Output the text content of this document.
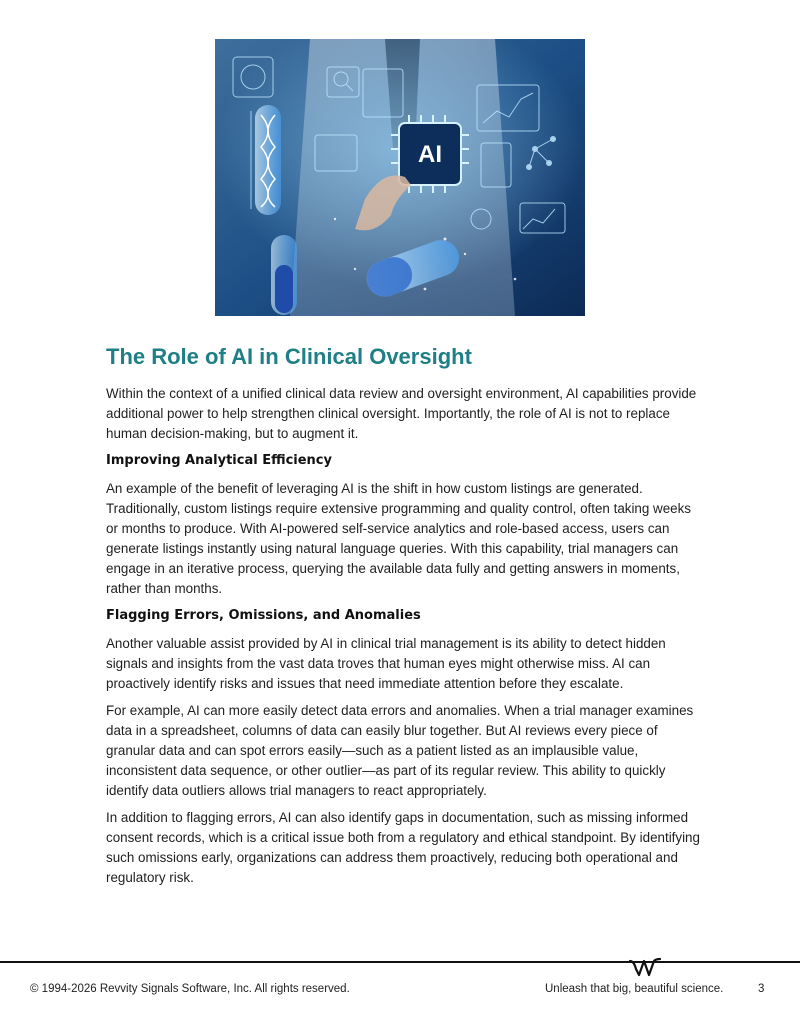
AI
The Role of AI in Clinical Oversight

Within the context of a unified clinical data review and oversight environment, AI capabilities provide additional power to help strengthen clinical oversight. Importantly, the role of AI is not to replace human decision-making, but to augment it.

Improving Analytical Efficiency

An example of the benefit of leveraging AI is the shift in how custom listings are generated. Traditionally, custom listings require extensive programming and quality control, often taking weeks or months to produce. With AI-powered self-service analytics and role-based access, users can generate listings instantly using natural language queries. With this capability, trial managers can engage in an iterative process, querying the available data fully and getting answers in moments, rather than months.

Flagging Errors, Omissions, and Anomalies

Another valuable assist provided by AI in clinical trial management is its ability to detect hidden signals and insights from the vast data troves that human eyes might otherwise miss. AI can proactively identify risks and issues that need immediate attention before they escalate.

For example, AI can more easily detect data errors and anomalies. When a trial manager examines data in a spreadsheet, columns of data can easily blur together. But AI reviews every piece of granular data and can spot errors easily—such as a patient listed as an implausible value, inconsistent data sequence, or other outlier—as part of its regular review. This ability to quickly identify data outliers allows trial managers to react appropriately.

In addition to flagging errors, AI can also identify gaps in documentation, such as missing informed consent records, which is a critical issue both from a regulatory and ethical standpoint. By identifying such omissions early, organizations can address them proactively, reducing both operational and regulatory risk.

© 1994-2026 Revvity Signals Software, Inc. All rights reserved.	Unleash that big, beautiful science.	3
